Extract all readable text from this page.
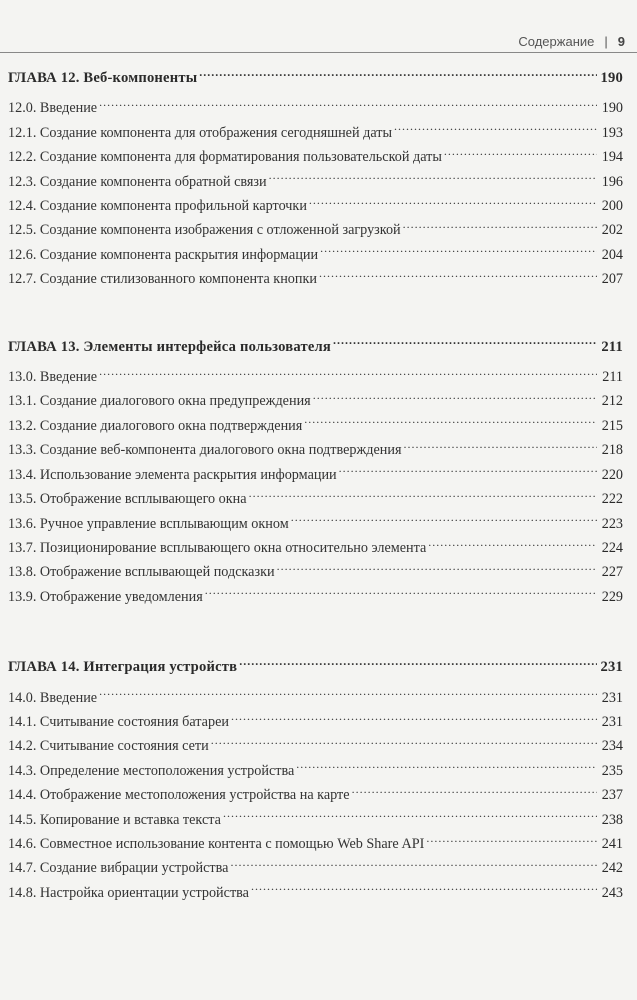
Содержание | 9
ГЛАВА 12. Веб-компоненты .....	190
12.0. Введение .....	190
12.1. Создание компонента для отображения сегодняшней даты .....	193
12.2. Создание компонента для форматирования пользовательской даты .....	194
12.3. Создание компонента обратной связи .....	196
12.4. Создание компонента профильной карточки .....	200
12.5. Создание компонента изображения с отложенной загрузкой .....	202
12.6. Создание компонента раскрытия информации .....	204
12.7. Создание стилизованного компонента кнопки .....	207
ГЛАВА 13. Элементы интерфейса пользователя .....	211
13.0. Введение .....	211
13.1. Создание диалогового окна предупреждения .....	212
13.2. Создание диалогового окна подтверждения .....	215
13.3. Создание веб-компонента диалогового окна подтверждения .....	218
13.4. Использование элемента раскрытия информации .....	220
13.5. Отображение всплывающего окна .....	222
13.6. Ручное управление всплывающим окном .....	223
13.7. Позиционирование всплывающего окна относительно элемента .....	224
13.8. Отображение всплывающей подсказки .....	227
13.9. Отображение уведомления .....	229
ГЛАВА 14. Интеграция устройств .....	231
14.0. Введение .....	231
14.1. Считывание состояния батареи .....	231
14.2. Считывание состояния сети .....	234
14.3. Определение местоположения устройства .....	235
14.4. Отображение местоположения устройства на карте .....	237
14.5. Копирование и вставка текста .....	238
14.6. Совместное использование контента с помощью Web Share API .....	241
14.7. Создание вибрации устройства .....	242
14.8. Настройка ориентации устройства .....	243
